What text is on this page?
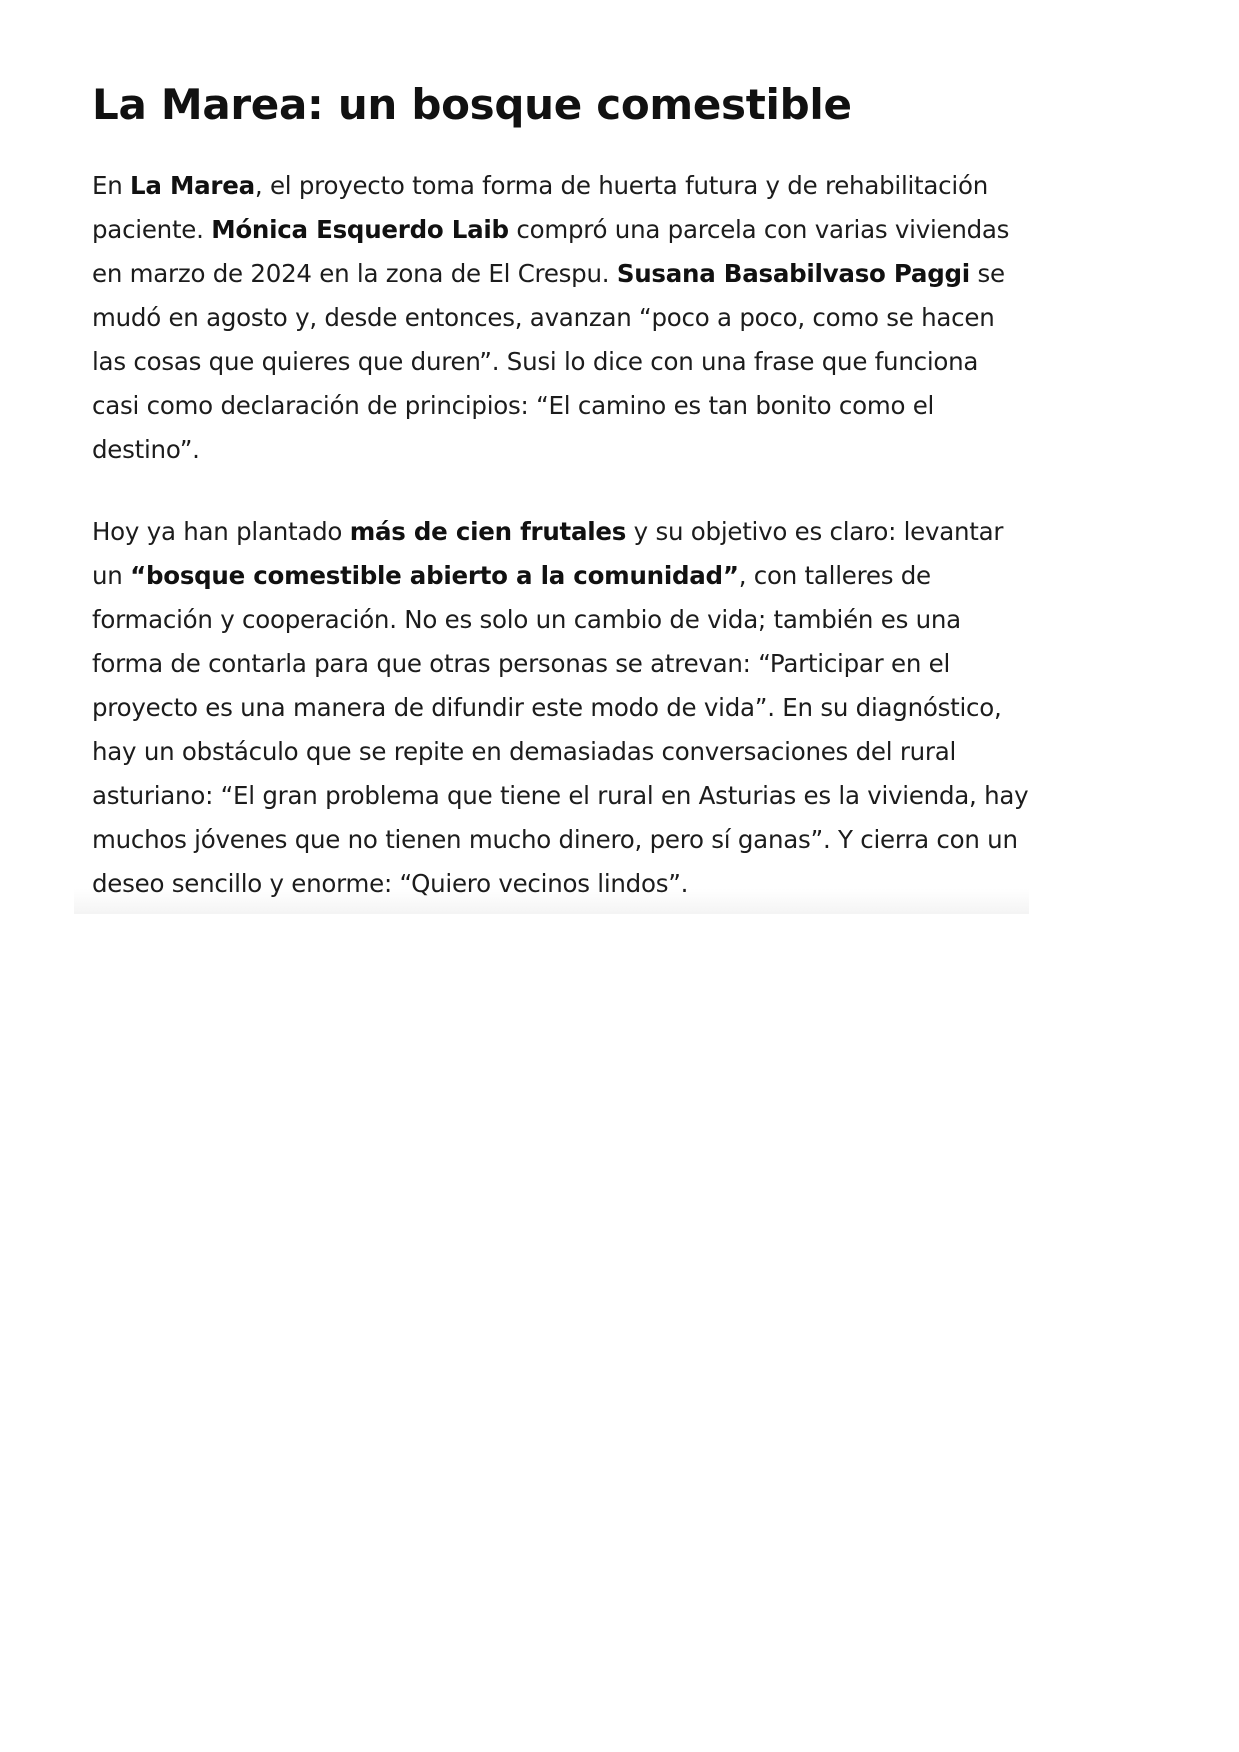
La Marea: un bosque comestible

En La Marea, el proyecto toma forma de huerta futura y de rehabilitación paciente. Mónica Esquerdo Laib compró una parcela con varias viviendas en marzo de 2024 en la zona de El Crespu. Susana Basabilvaso Paggi se mudó en agosto y, desde entonces, avanzan “poco a poco, como se hacen las cosas que quieres que duren”. Susi lo dice con una frase que funciona casi como declaración de principios: “El camino es tan bonito como el destino”.

Hoy ya han plantado más de cien frutales y su objetivo es claro: levantar un “bosque comestible abierto a la comunidad”, con talleres de formación y cooperación. No es solo un cambio de vida; también es una forma de contarla para que otras personas se atrevan: “Participar en el proyecto es una manera de difundir este modo de vida”. En su diagnóstico, hay un obstáculo que se repite en demasiadas conversaciones del rural asturiano: “El gran problema que tiene el rural en Asturias es la vivienda, hay muchos jóvenes que no tienen mucho dinero, pero sí ganas”. Y cierra con un deseo sencillo y enorme: “Quiero vecinos lindos”.
